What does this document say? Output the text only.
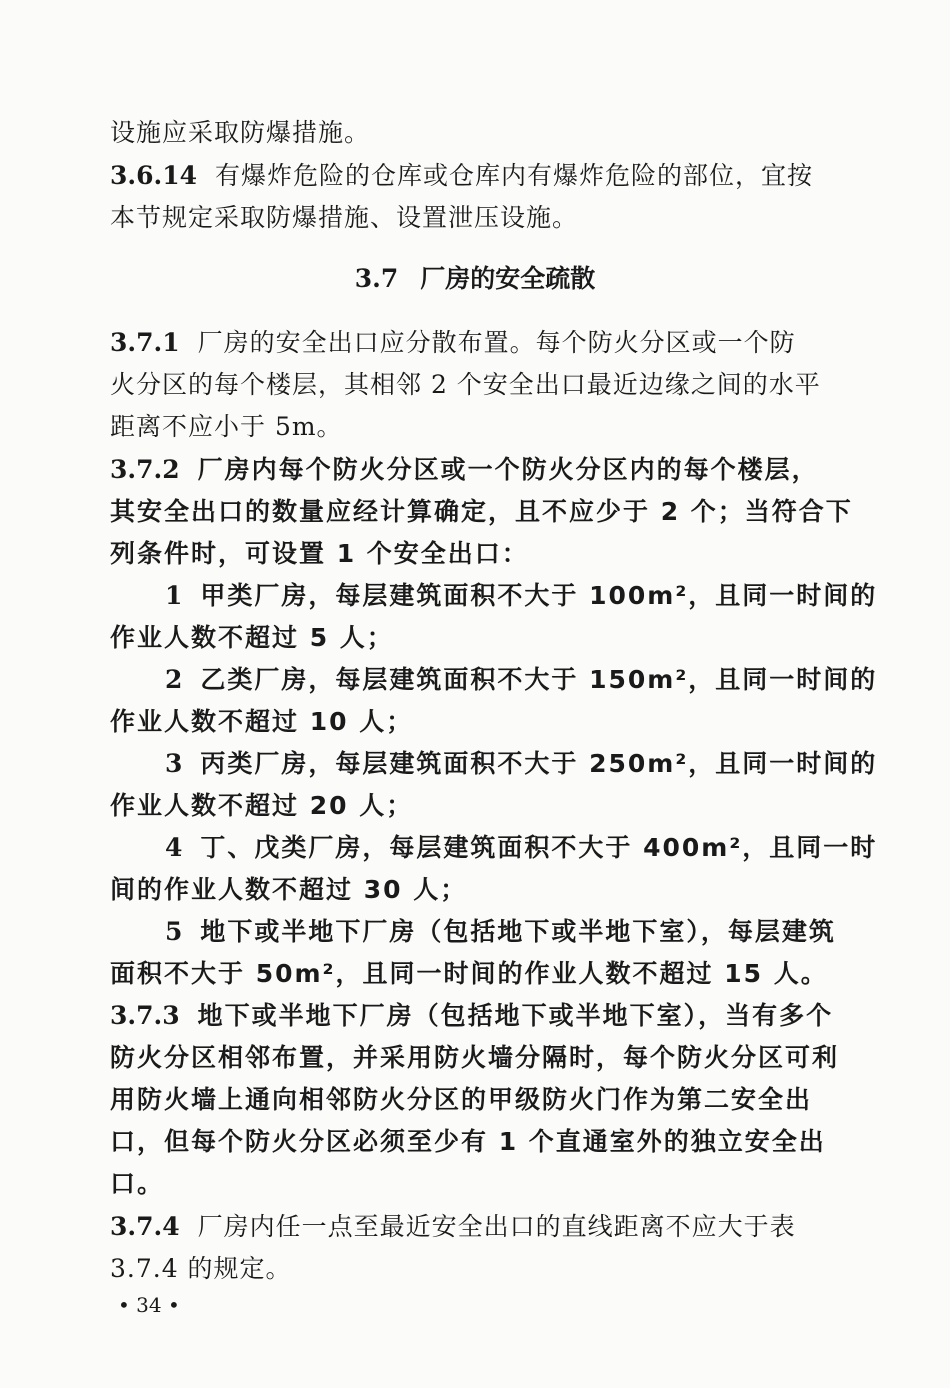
设施应采取防爆措施。
3.6.14 有爆炸危险的仓库或仓库内有爆炸危险的部位，宜按
本节规定采取防爆措施、设置泄压设施。
3.7 厂房的安全疏散
3.7.1 厂房的安全出口应分散布置。每个防火分区或一个防
火分区的每个楼层，其相邻 2 个安全出口最近边缘之间的水平
距离不应小于 5m。
3.7.2 厂房内每个防火分区或一个防火分区内的每个楼层，
其安全出口的数量应经计算确定，且不应少于 2 个；当符合下
列条件时，可设置 1 个安全出口：
1 甲类厂房，每层建筑面积不大于 100m²，且同一时间的
作业人数不超过 5 人；
2 乙类厂房，每层建筑面积不大于 150m²，且同一时间的
作业人数不超过 10 人；
3 丙类厂房，每层建筑面积不大于 250m²，且同一时间的
作业人数不超过 20 人；
4 丁、戊类厂房，每层建筑面积不大于 400m²，且同一时
间的作业人数不超过 30 人；
5 地下或半地下厂房（包括地下或半地下室），每层建筑
面积不大于 50m²，且同一时间的作业人数不超过 15 人。
3.7.3 地下或半地下厂房（包括地下或半地下室），当有多个
防火分区相邻布置，并采用防火墙分隔时，每个防火分区可利
用防火墙上通向相邻防火分区的甲级防火门作为第二安全出
口，但每个防火分区必须至少有 1 个直通室外的独立安全出
口。
3.7.4 厂房内任一点至最近安全出口的直线距离不应大于表
3.7.4 的规定。
• 34 •
